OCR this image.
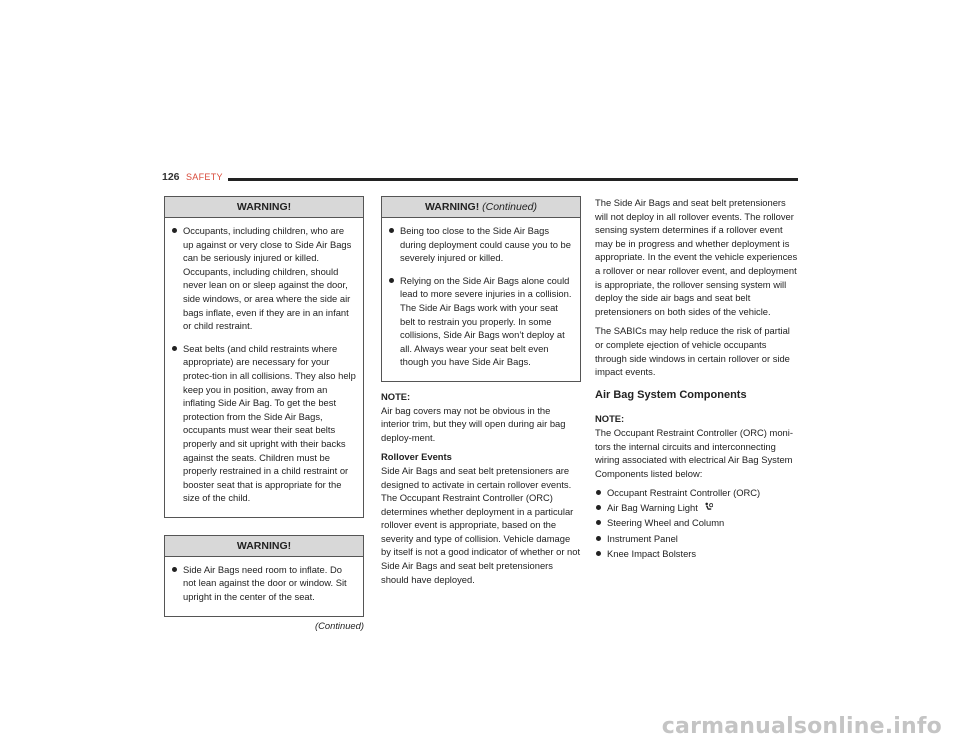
126 SAFETY
WARNING!
Occupants, including children, who are up against or very close to Side Air Bags can be seriously injured or killed. Occupants, including children, should never lean on or sleep against the door, side windows, or area where the side air bags inflate, even if they are in an infant or child restraint.
Seat belts (and child restraints where appropriate) are necessary for your protec-tion in all collisions. They also help keep you in position, away from an inflating Side Air Bag. To get the best protection from the Side Air Bags, occupants must wear their seat belts properly and sit upright with their backs against the seats. Children must be properly restrained in a child restraint or booster seat that is appropriate for the size of the child.
WARNING!
Side Air Bags need room to inflate. Do not lean against the door or window. Sit upright in the center of the seat.
(Continued)
WARNING! (Continued)
Being too close to the Side Air Bags during deployment could cause you to be severely injured or killed.
Relying on the Side Air Bags alone could lead to more severe injuries in a collision. The Side Air Bags work with your seat belt to restrain you properly. In some collisions, Side Air Bags won’t deploy at all. Always wear your seat belt even though you have Side Air Bags.
NOTE:

Air bag covers may not be obvious in the interior trim, but they will open during air bag deploy-ment.

Rollover Events

Side Air Bags and seat belt pretensioners are designed to activate in certain rollover events. The Occupant Restraint Controller (ORC) determines whether deployment in a particular rollover event is appropriate, based on the severity and type of collision. Vehicle damage by itself is not a good indicator of whether or not Side Air Bags and seat belt pretensioners should have deployed.

The Side Air Bags and seat belt pretensioners will not deploy in all rollover events. The rollover sensing system determines if a rollover event may be in progress and whether deployment is appropriate. In the event the vehicle experiences a rollover or near rollover event, and deployment is appropriate, the rollover sensing system will deploy the side air bags and seat belt pretensioners on both sides of the vehicle.

The SABICs may help reduce the risk of partial or complete ejection of vehicle occupants through side windows in certain rollover or side impact events.

Air Bag System Components
NOTE:

The Occupant Restraint Controller (ORC) moni-tors the internal circuits and interconnecting wiring associated with electrical Air Bag System Components listed below:

Occupant Restraint Controller (ORC)
Air Bag Warning Light
Steering Wheel and Column
Instrument Panel
Knee Impact Bolsters
carmanualsonline.info
